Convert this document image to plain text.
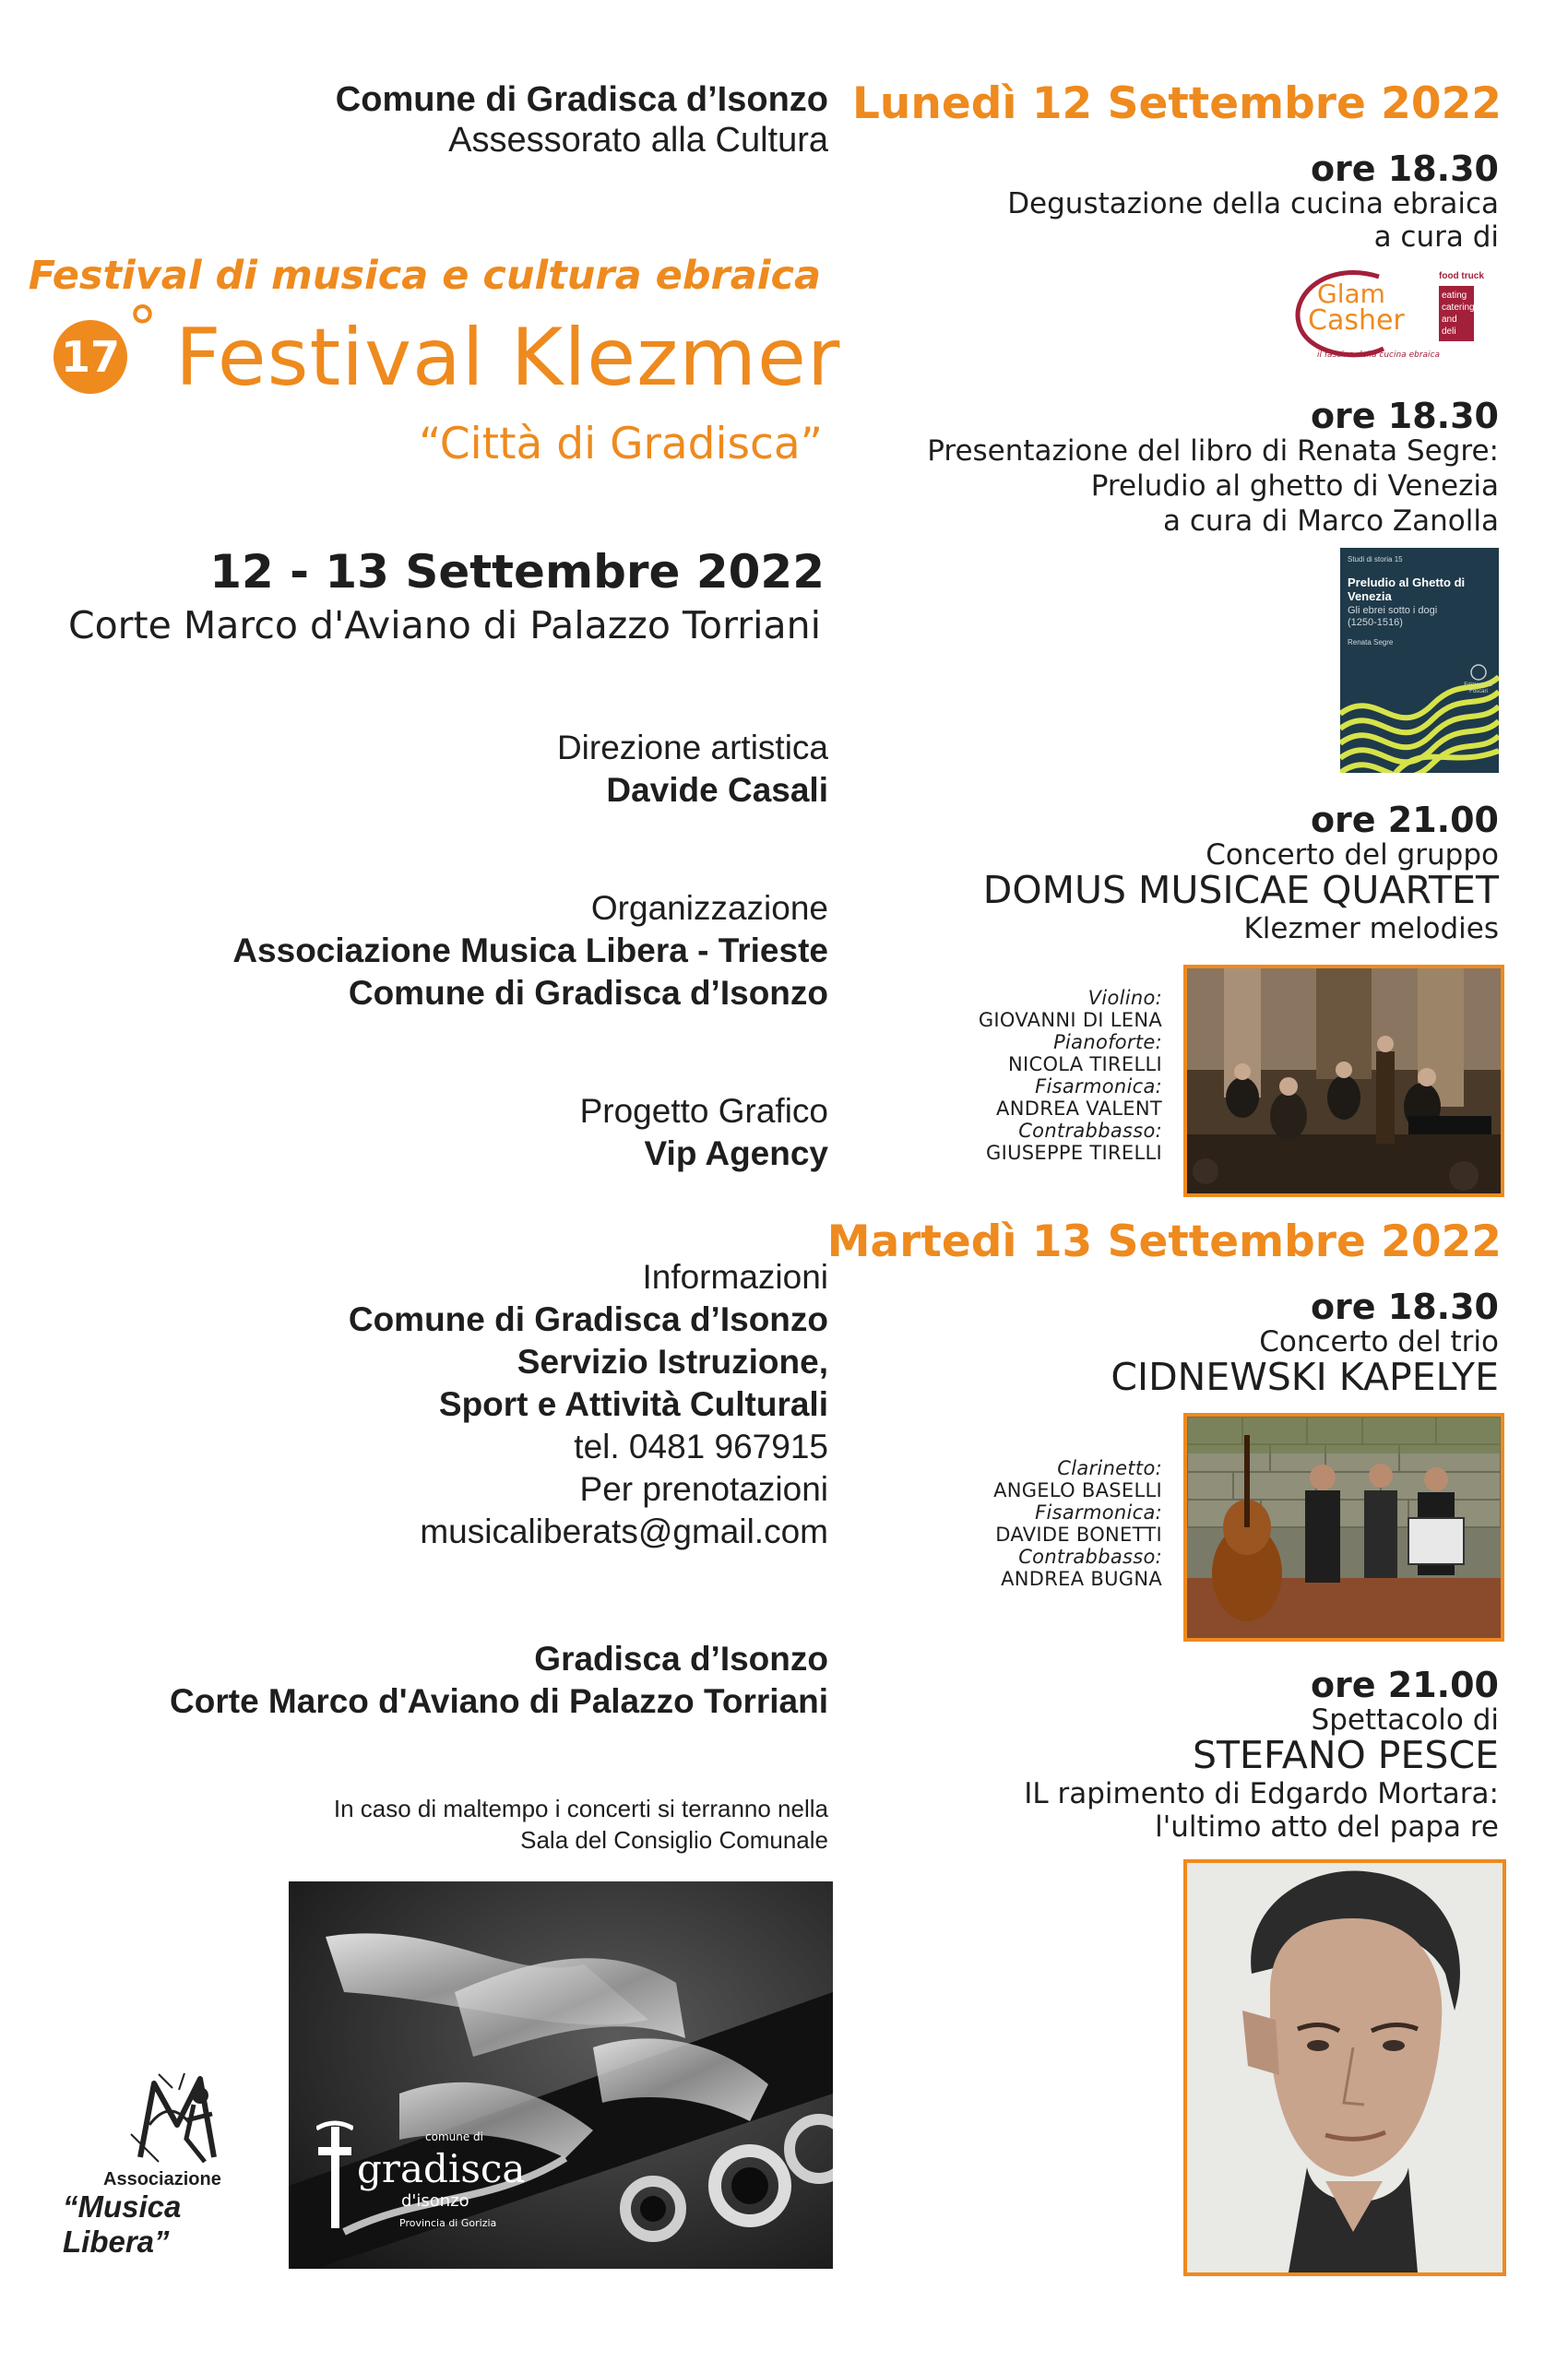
Comune di Gradisca d’Isonzo
Assessorato alla Cultura
Festival di musica e cultura ebraica
17 ° Festival Klezmer
“Città di Gradisca”
12 - 13 Settembre 2022
Corte Marco d'Aviano di Palazzo Torriani
Direzione artistica
Davide Casali
Organizzazione
Associazione Musica Libera - Trieste
Comune di Gradisca d’Isonzo
Progetto Grafico
Vip Agency
Informazioni
Comune di Gradisca d’Isonzo
Servizio Istruzione,
Sport e Attività Culturali
tel. 0481 967915
Per prenotazioni
musicaliberats@gmail.com
Gradisca d’Isonzo
Corte Marco d'Aviano di Palazzo Torriani
In caso di maltempo i concerti si terranno nella
Sala del Consiglio Comunale
comune di
gradisca
d'isonzo
Provincia di Gorizia
Associazione
“Musica Libera”
Lunedì 12 Settembre 2022
ore 18.30
Degustazione della cucina ebraica
a cura di
Glam
Casher
il fascino della cucina ebraica
food truck
eating
catering
and deli
ore 18.30
Presentazione del libro di Renata Segre:
Preludio al ghetto di Venezia
a cura di Marco Zanolla
Studi di storia 15
Preludio al Ghetto di Venezia
Gli ebrei sotto i dogi (1250-1516)
Renata Segre
Edizioni Ca' Foscari
ore 21.00
Concerto del gruppo
DOMUS MUSICAE QUARTET
Klezmer melodies
Violino:
GIOVANNI DI LENA
Pianoforte:
NICOLA TIRELLI
Fisarmonica:
ANDREA VALENT
Contrabbasso:
GIUSEPPE TIRELLI
Martedì 13 Settembre 2022
ore 18.30
Concerto del trio
CIDNEWSKI KAPELYE
Clarinetto:
ANGELO BASELLI
Fisarmonica:
DAVIDE BONETTI
Contrabbasso:
ANDREA BUGNA
ore 21.00
Spettacolo di
STEFANO PESCE
IL rapimento di Edgardo Mortara:
l'ultimo atto del papa re
